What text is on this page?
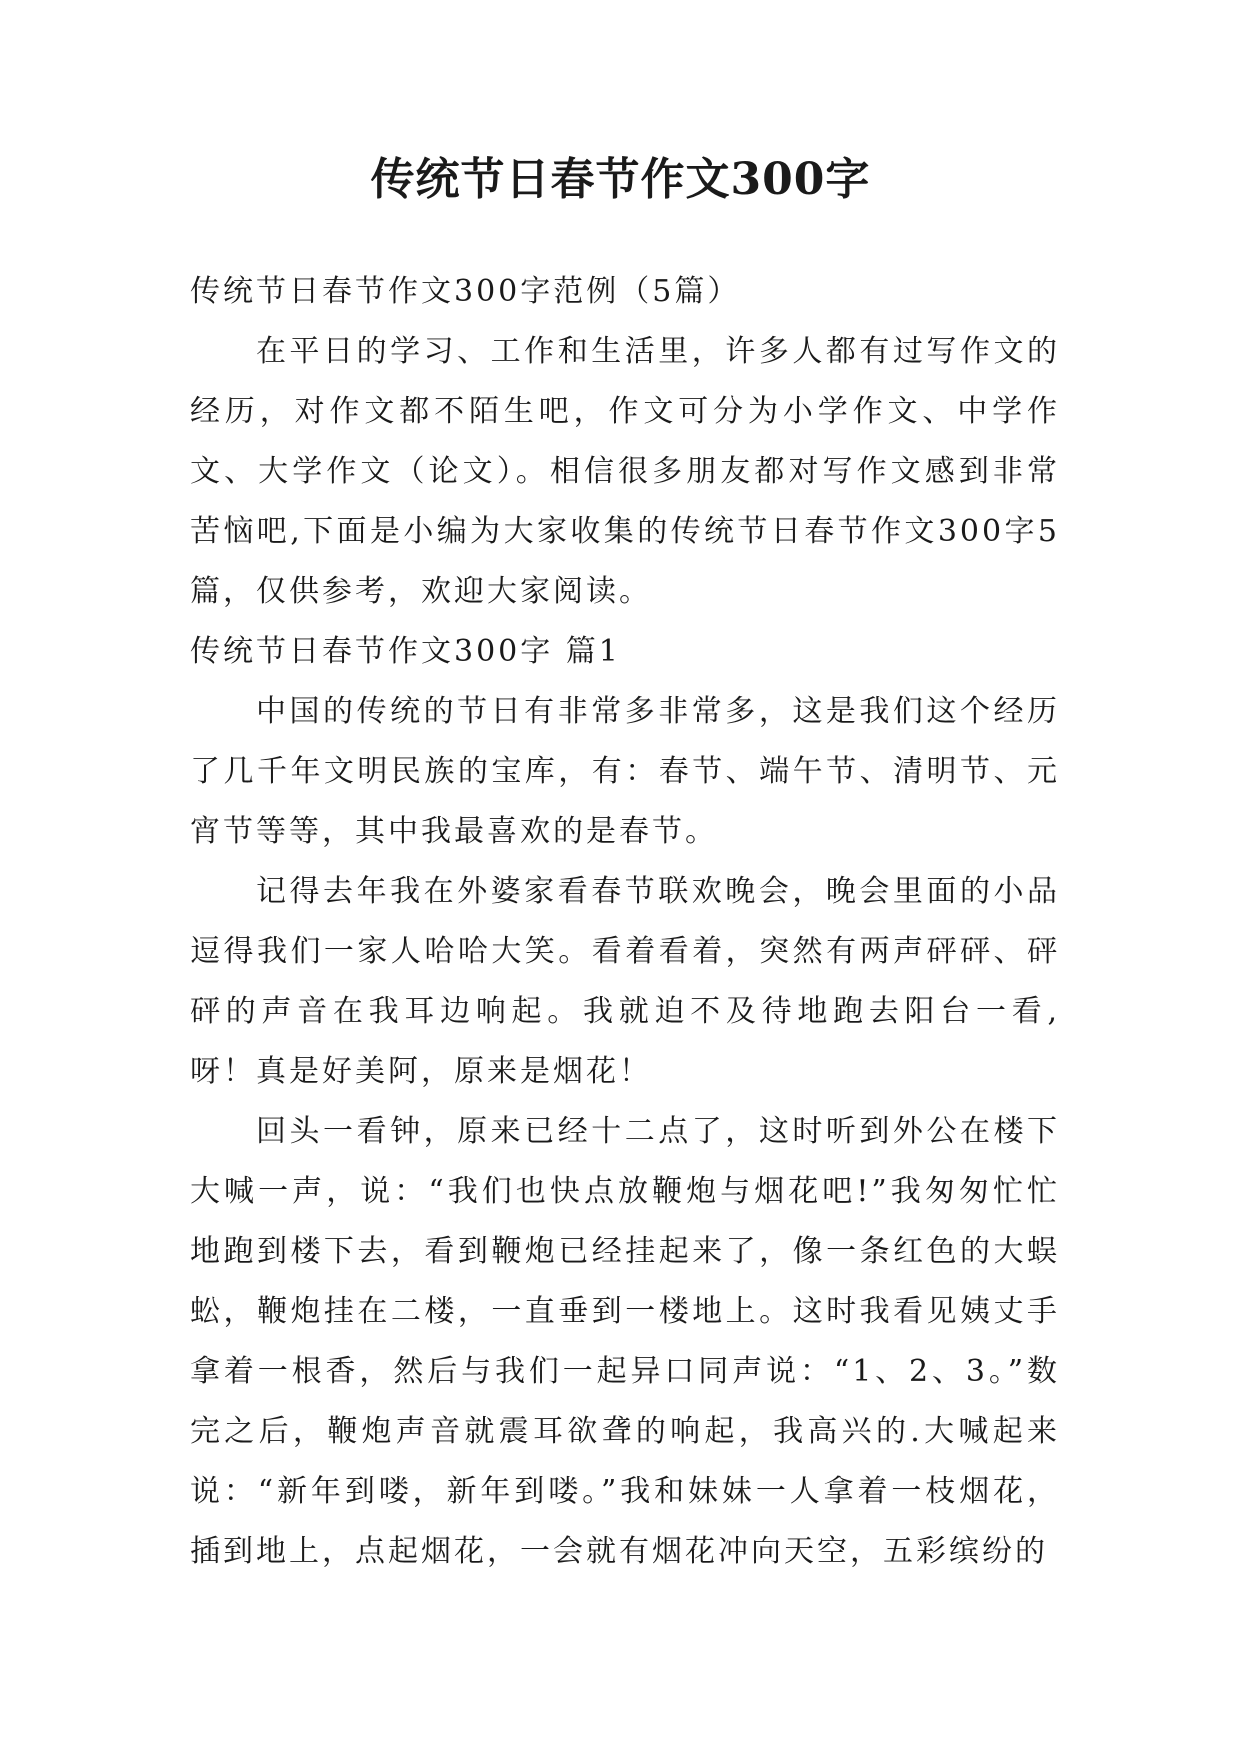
传统节日春节作文300字

传统节日春节作文300字范例（5篇）

在平日的学习、工作和生活里，许多人都有过写作文的经历，对作文都不陌生吧，作文可分为小学作文、中学作文、大学作文（论文）。相信很多朋友都对写作文感到非常苦恼吧,下面是小编为大家收集的传统节日春节作文300字5篇，仅供参考，欢迎大家阅读。

传统节日春节作文300字 篇1

中国的传统的节日有非常多非常多，这是我们这个经历了几千年文明民族的宝库，有：春节、端午节、清明节、元宵节等等，其中我最喜欢的是春节。

记得去年我在外婆家看春节联欢晚会，晚会里面的小品逗得我们一家人哈哈大笑。看着看着，突然有两声砰砰、砰砰的声音在我耳边响起。我就迫不及待地跑去阳台一看,呀！真是好美阿，原来是烟花！

回头一看钟，原来已经十二点了，这时听到外公在楼下大喊一声，说：“我们也快点放鞭炮与烟花吧!”我匆匆忙忙地跑到楼下去，看到鞭炮已经挂起来了，像一条红色的大蜈蚣，鞭炮挂在二楼，一直垂到一楼地上。这时我看见姨丈手拿着一根香，然后与我们一起异口同声说：“1、2、3。”数完之后，鞭炮声音就震耳欲聋的响起，我高兴的.大喊起来说：“新年到喽，新年到喽。”我和妹妹一人拿着一枝烟花，插到地上，点起烟花，一会就有烟花冲向天空，五彩缤纷的
